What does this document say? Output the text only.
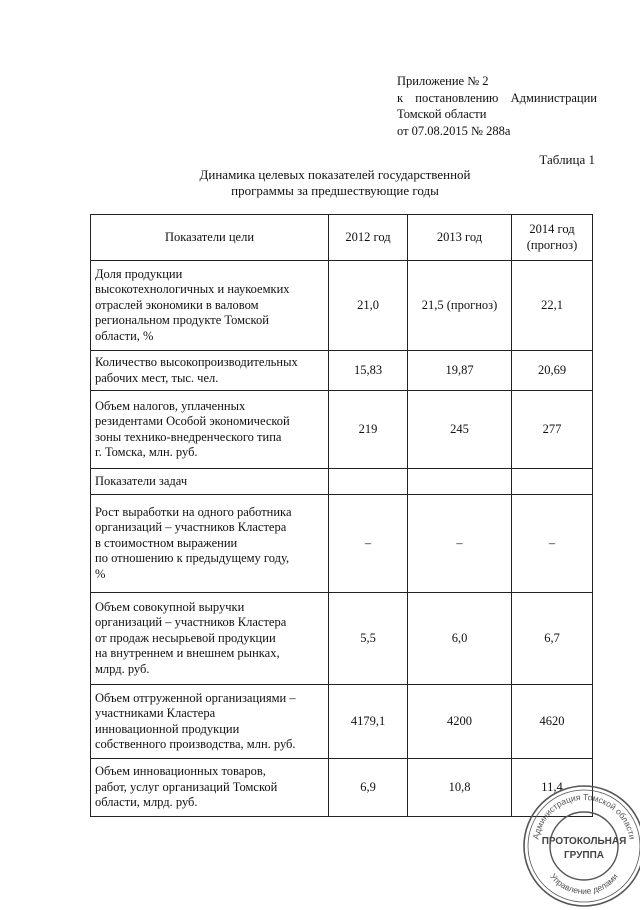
Приложение № 2
к постановлению Администрации
Томской области
от 07.08.2015 № 288а
Таблица 1
Динамика целевых показателей государственной
программы за предшествующие годы
Показатели цели	2012 год	2013 год	2014 год
(прогноз)

Доля продукции
высокотехнологичных и наукоемких
отраслей экономики в валовом
региональном продукте Томской
области, %	21,0	21,5 (прогноз)	22,1

Количество высокопроизводительных
рабочих мест, тыс. чел.	15,83	19,87	20,69

Объем налогов, уплаченных
резидентами Особой экономической
зоны технико-внедренческого типа
г. Томска, млн. руб.	219	245	277

Показатели задач			

Рост выработки на одного работника
организаций – участников Кластера
в стоимостном выражении
по отношению к предыдущему году,
%	–	–	–

Объем совокупной выручки
организаций – участников Кластера
от продаж несырьевой продукции
на внутреннем и внешнем рынках,
млрд. руб.	5,5	6,0	6,7

Объем отгруженной организациями –
участниками Кластера
инновационной продукции
собственного производства, млн. руб.	4179,1	4200	4620

Объем инновационных товаров,
работ, услуг организаций Томской
области, млрд. руб.	6,9	10,8	11,4
Администрация Томской области
Управление делами
ПРОТОКОЛЬНАЯ
ГРУППА
